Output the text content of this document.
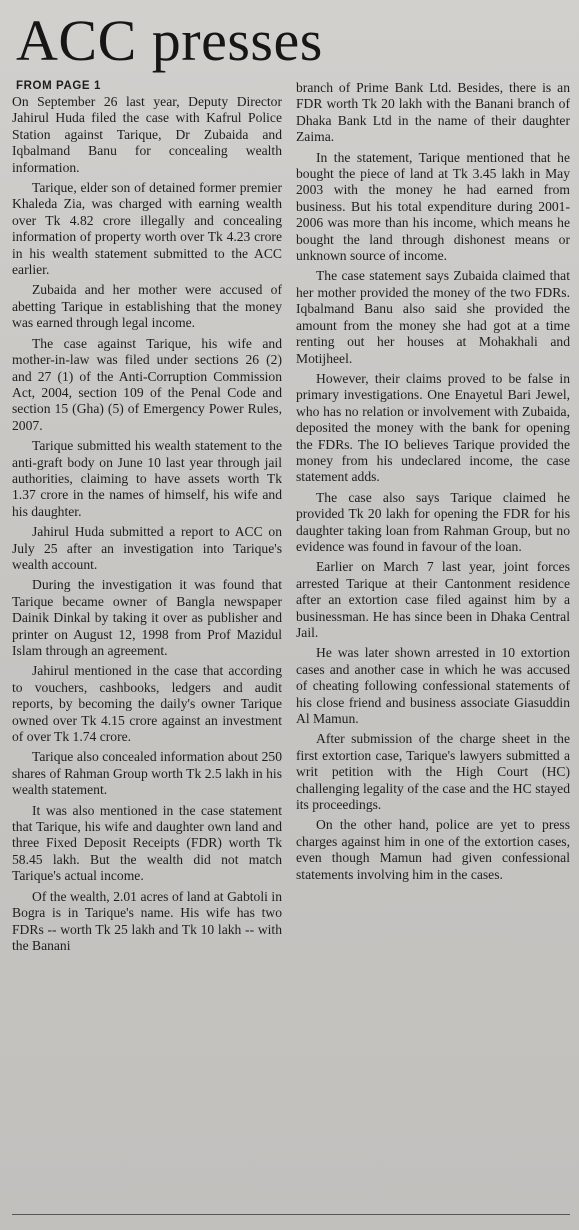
ACC presses
FROM PAGE 1

On September 26 last year, Deputy Director Jahirul Huda filed the case with Kafrul Police Station against Tarique, Dr Zubaida and Iqbalmand Banu for concealing wealth information.

Tarique, elder son of detained former premier Khaleda Zia, was charged with earning wealth over Tk 4.82 crore illegally and concealing information of property worth over Tk 4.23 crore in his wealth statement submitted to the ACC earlier.

Zubaida and her mother were accused of abetting Tarique in establishing that the money was earned through legal income.

The case against Tarique, his wife and mother-in-law was filed under sections 26 (2) and 27 (1) of the Anti-Corruption Commission Act, 2004, section 109 of the Penal Code and section 15 (Gha) (5) of Emergency Power Rules, 2007.

Tarique submitted his wealth statement to the anti-graft body on June 10 last year through jail authorities, claiming to have assets worth Tk 1.37 crore in the names of himself, his wife and his daughter.

Jahirul Huda submitted a report to ACC on July 25 after an investigation into Tarique's wealth account.

During the investigation it was found that Tarique became owner of Bangla newspaper Dainik Dinkal by taking it over as publisher and printer on August 12, 1998 from Prof Mazidul Islam through an agreement.

Jahirul mentioned in the case that according to vouchers, cashbooks, ledgers and audit reports, by becoming the daily's owner Tarique owned over Tk 4.15 crore against an investment of over Tk 1.74 crore.

Tarique also concealed information about 250 shares of Rahman Group worth Tk 2.5 lakh in his wealth statement.

It was also mentioned in the case statement that Tarique, his wife and daughter own land and three Fixed Deposit Receipts (FDR) worth Tk 58.45 lakh. But the wealth did not match Tarique's actual income.

Of the wealth, 2.01 acres of land at Gabtoli in Bogra is in Tarique's name. His wife has two FDRs -- worth Tk 25 lakh and Tk 10 lakh -- with the Banani

branch of Prime Bank Ltd. Besides, there is an FDR worth Tk 20 lakh with the Banani branch of Dhaka Bank Ltd in the name of their daughter Zaima.

In the statement, Tarique mentioned that he bought the piece of land at Tk 3.45 lakh in May 2003 with the money he had earned from business. But his total expenditure during 2001-2006 was more than his income, which means he bought the land through dishonest means or unknown source of income.

The case statement says Zubaida claimed that her mother provided the money of the two FDRs. Iqbalmand Banu also said she provided the amount from the money she had got at a time renting out her houses at Mohakhali and Motijheel.

However, their claims proved to be false in primary investigations. One Enayetul Bari Jewel, who has no relation or involvement with Zubaida, deposited the money with the bank for opening the FDRs. The IO believes Tarique provided the money from his undeclared income, the case statement adds.

The case also says Tarique claimed he provided Tk 20 lakh for opening the FDR for his daughter taking loan from Rahman Group, but no evidence was found in favour of the loan.

Earlier on March 7 last year, joint forces arrested Tarique at their Cantonment residence after an extortion case filed against him by a businessman. He has since been in Dhaka Central Jail.

He was later shown arrested in 10 extortion cases and another case in which he was accused of cheating following confessional statements of his close friend and business associate Giasuddin Al Mamun.

After submission of the charge sheet in the first extortion case, Tarique's lawyers submitted a writ petition with the High Court (HC) challenging legality of the case and the HC stayed its proceedings.

On the other hand, police are yet to press charges against him in one of the extortion cases, even though Mamun had given confessional statements involving him in the cases.
